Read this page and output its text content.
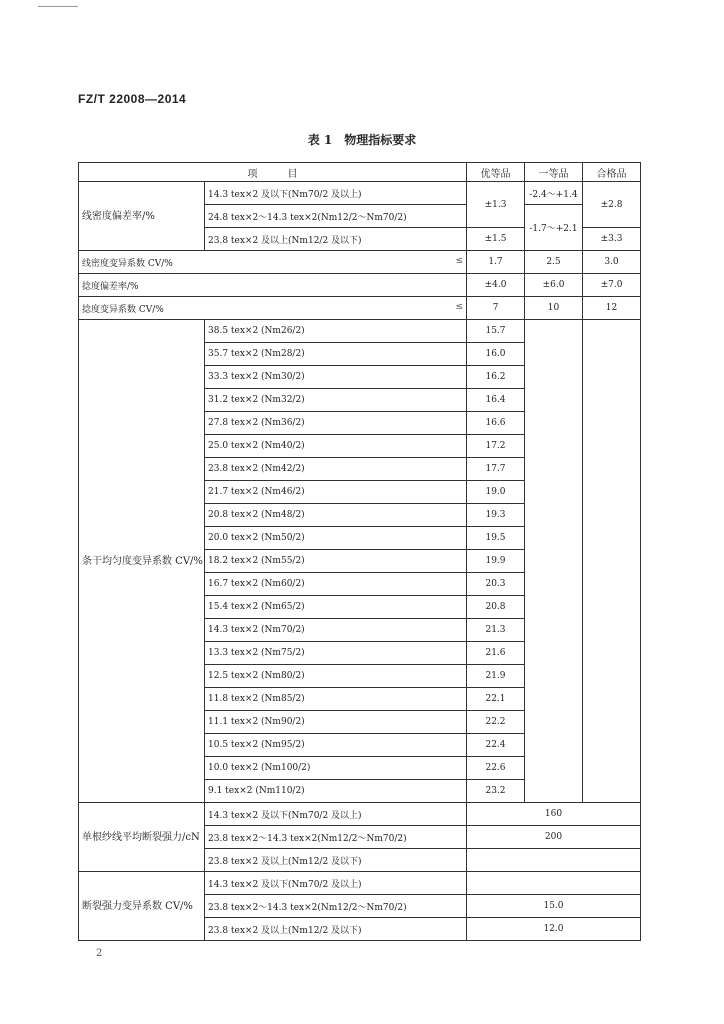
FZ/T 22008—2014
表 1　物理指标要求
项　　　目		优等品	一等品	合格品
线密度偏差率/%	14.3 tex×2 及以下(Nm70/2 及以上)	±1.3	-2.4～+1.4	±2.8
	24.8 tex×2～14.3 tex×2(Nm12/2～Nm70/2)		-1.7～+2.1	
	23.8 tex×2 及以上(Nm12/2 及以下)	±1.5		±3.3
线密度变异系数 CV/% ≤		1.7	2.5	3.0
捻度偏差率/%		±4.0	±6.0	±7.0
捻度变异系数 CV/% ≤		7	10	12
条干均匀度变异系数 CV/%	38.5 tex×2 (Nm26/2)	15.7		
	35.7 tex×2 (Nm28/2)	16.0		
	33.3 tex×2 (Nm30/2)	16.2		
	31.2 tex×2 (Nm32/2)	16.4		
	27.8 tex×2 (Nm36/2)	16.6		
	25.0 tex×2 (Nm40/2)	17.2		
	23.8 tex×2 (Nm42/2)	17.7		
	21.7 tex×2 (Nm46/2)	19.0		
	20.8 tex×2 (Nm48/2)	19.3		
	20.0 tex×2 (Nm50/2)	19.5		
	18.2 tex×2 (Nm55/2)	19.9		
	16.7 tex×2 (Nm60/2)	20.3		
	15.4 tex×2 (Nm65/2)	20.8		
	14.3 tex×2 (Nm70/2)	21.3		
	13.3 tex×2 (Nm75/2)	21.6		
	12.5 tex×2 (Nm80/2)	21.9		
	11.8 tex×2 (Nm85/2)	22.1		
	11.1 tex×2 (Nm90/2)	22.2		
	10.5 tex×2 (Nm95/2)	22.4		
	10.0 tex×2 (Nm100/2)	22.6		
	9.1 tex×2 (Nm110/2)	23.2		
单根纱线平均断裂强力/cN	14.3 tex×2 及以下(Nm70/2 及以上)	160		
	23.8 tex×2～14.3 tex×2(Nm12/2～Nm70/2)	200		
	23.8 tex×2 及以上(Nm12/2 及以下)			
断裂强力变异系数 CV/%	14.3 tex×2 及以下(Nm70/2 及以上)			
	23.8 tex×2～14.3 tex×2(Nm12/2～Nm70/2)	15.0		
	23.8 tex×2 及以上(Nm12/2 及以下)	12.0		
2
